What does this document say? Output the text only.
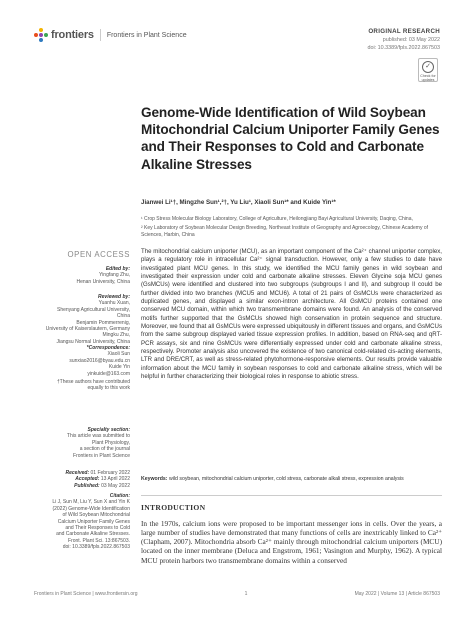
frontiers Frontiers in Plant Science	ORIGINAL RESEARCH
published: 03 May 2022
doi: 10.3389/fpls.2022.867503
✓
Check for updates
Genome-Wide Identification of Wild Soybean Mitochondrial Calcium Uniporter Family Genes and Their Responses to Cold and Carbonate Alkaline Stresses
Jianwei Li¹†, Mingzhe Sun¹,²†, Yu Liu¹, Xiaoli Sun¹* and Kuide Yin¹*
¹ Crop Stress Molecular Biology Laboratory, College of Agriculture, Heilongjiang Bayi Agricultural University, Daqing, China,
² Key Laboratory of Soybean Molecular Design Breeding, Northeast Institute of Geography and Agroecology, Chinese Academy of Sciences, Harbin, China
OPEN ACCESS
Edited by:
Yingfang Zhu,
Henan University, China
Reviewed by:
Yuanhu Xuan,
Shenyang Agricultural University,
China
Benjamin Pommerrenig,
University of Kaiserslautern, Germany
Mingku Zhu,
Jiangsu Normal University, China
*Correspondence:
Xiaoli Sun
sunxiao2016@byau.edu.cn
Kuide Yin
yinkuide@163.com
†These authors have contributed equally to this work
Specialty section:
This article was submitted to
Plant Physiology,
a section of the journal
Frontiers in Plant Science
Received: 01 February 2022
Accepted: 13 April 2022
Published: 03 May 2022
Citation:
Li J, Sun M, Liu Y, Sun X and Yin K
(2022) Genome-Wide Identification
of Wild Soybean Mitochondrial
Calcium Uniporter Family Genes
and Their Responses to Cold
and Carbonate Alkaline Stresses.
Front. Plant Sci. 13:867503.
doi: 10.3389/fpls.2022.867503

The mitochondrial calcium uniporter (MCU), as an important component of the Ca²⁺ channel uniporter complex, plays a regulatory role in intracellular Ca²⁺ signal transduction. However, only a few studies to date have investigated plant MCU genes. In this study, we identified the MCU family genes in wild soybean and investigated their expression under cold and carbonate alkaline stresses. Eleven Glycine soja MCU genes (GsMCUs) were identified and clustered into two subgroups (subgroups I and II), and subgroup II could be further divided into two branches (MCU5 and MCU6). A total of 21 pairs of GsMCUs were characterized as duplicated genes, and displayed a similar exon-intron architecture. All GsMCU proteins contained one conserved MCU domain, within which two transmembrane domains were found. An analysis of the conserved motifs further supported that the GsMCUs showed high conservation in protein sequence and structure. Moreover, we found that all GsMCUs were expressed ubiquitously in different tissues and organs, and GsMCUs from the same subgroup displayed varied tissue expression profiles. In addition, based on RNA-seq and qRT-PCR assays, six and nine GsMCUs were differentially expressed under cold and carbonate alkaline stress, respectively. Promoter analysis also uncovered the existence of two canonical cold-related cis-acting elements, LTR and DRE/CRT, as well as stress-related phytohormone-responsive elements. Our results provide valuable information about the MCU family in soybean responses to cold and carbonate alkaline stress, which will be helpful in further characterizing their biological roles in response to abiotic stress.

Keywords: wild soybean, mitochondrial calcium uniporter, cold stress, carbonate alkali stress, expression analysis
INTRODUCTION

In the 1970s, calcium ions were proposed to be important messenger ions in cells. Over the years, a large number of studies have demonstrated that many functions of cells are inextricably linked to Ca²⁺ (Clapham, 2007). Mitochondria absorb Ca²⁺ mainly through mitochondrial calcium uniporters (MCU) located on the inner membrane (Deluca and Engstrom, 1961; Vasington and Murphy, 1962). A typical MCU protein harbors two transmembrane domains within a conserved

Frontiers in Plant Science | www.frontiersin.org	1	May 2022 | Volume 13 | Article 867503
